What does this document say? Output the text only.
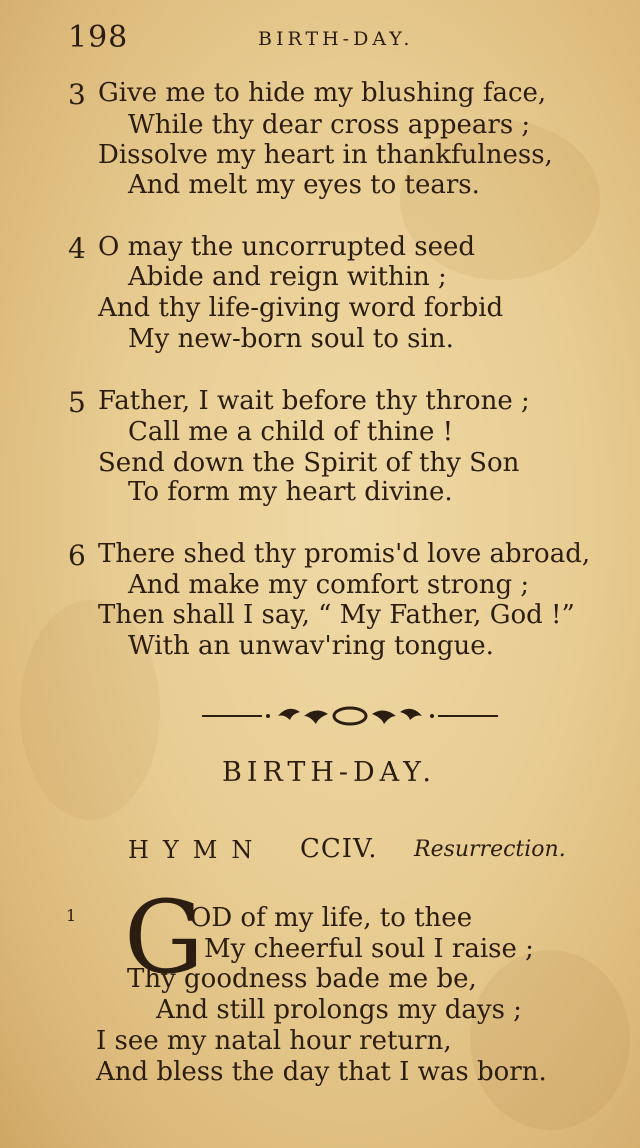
198	BIRTH-DAY.
3 Give me to hide my blushing face,
While thy dear cross appears ;
Dissolve my heart in thankfulness,
And melt my eyes to tears.
4 O may the uncorrupted seed
Abide and reign within ;
And thy life-giving word forbid
My new-born soul to sin.
5 Father, I wait before thy throne ;
Call me a child of thine !
Send down the Spirit of thy Son
To form my heart divine.
6 There shed thy promis'd love abroad,
And make my comfort strong ;
Then shall I say, “ My Father, God !”
With an unwav'ring tongue.
BIRTH-DAY.
HYMN CCIV. Resurrection.
1 G
OD of my life, to thee
My cheerful soul I raise ;
Thy goodness bade me be,
And still prolongs my days ;
I see my natal hour return,
And bless the day that I was born.
